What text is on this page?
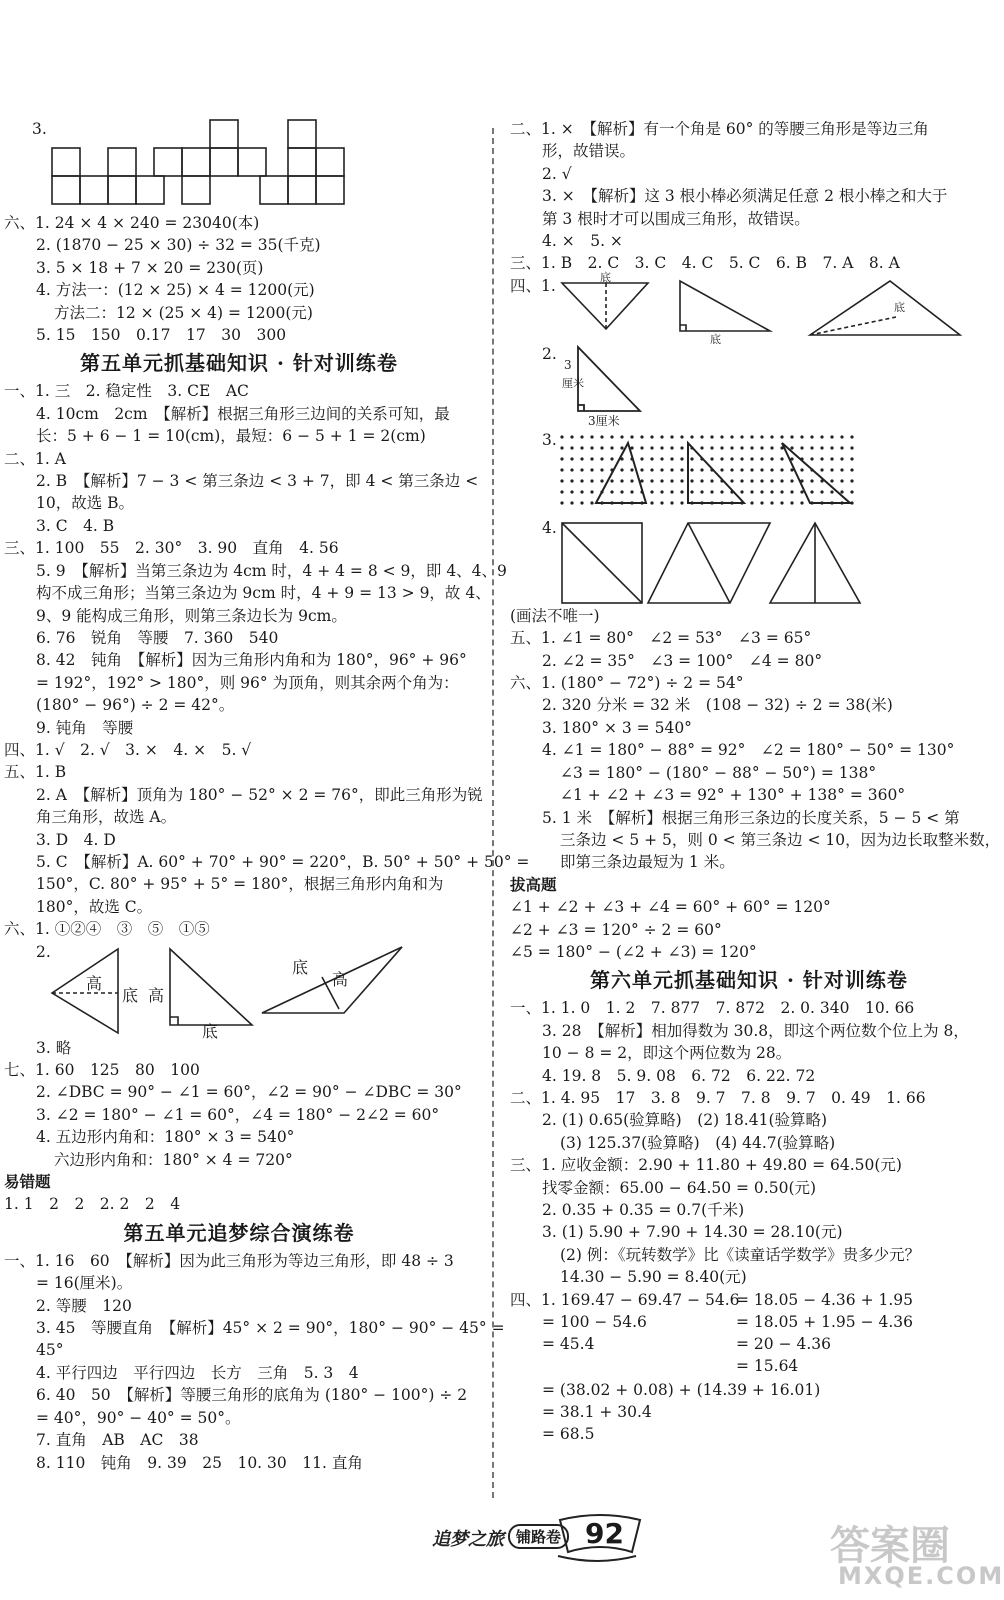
3.
六、1. 24 × 4 × 240 = 23040(本)
2. (1870 − 25 × 30) ÷ 32 = 35(千克)
3. 5 × 18 + 7 × 20 = 230(页)
4. 方法一：(12 × 25) × 4 = 1200(元)
方法二：12 × (25 × 4) = 1200(元)
5. 15　150　0.17　17　30　300
第五单元抓基础知识 · 针对训练卷
一、1. 三　2. 稳定性　3. CE　AC
4. 10cm　2cm　【解析】根据三角形三边间的关系可知，最
长：5 + 6 − 1 = 10(cm)，最短：6 − 5 + 1 = 2(cm)
二、1. A
2. B　【解析】7 − 3 < 第三条边 < 3 + 7，即 4 < 第三条边 <
10，故选 B。
3. C　4. B
三、1. 100　55　2. 30°　3. 90　直角　4. 56
5. 9　【解析】当第三条边为 4cm 时，4 + 4 = 8 < 9，即 4、4、9
构不成三角形；当第三条边为 9cm 时，4 + 9 = 13 > 9，故 4、
9、9 能构成三角形，则第三条边长为 9cm。
6. 76　锐角　等腰　7. 360　540
8. 42　钝角　【解析】因为三角形内角和为 180°，96° + 96°
= 192°，192° > 180°，则 96° 为顶角，则其余两个角为：
(180° − 96°) ÷ 2 = 42°。
9. 钝角　等腰
四、1. √　2. √　3. ×　4. ×　5. √
五、1. B
2. A　【解析】顶角为 180° − 52° × 2 = 76°，即此三角形为锐
角三角形，故选 A。
3. D　4. D
5. C　【解析】A. 60° + 70° + 90° = 220°，B. 50° + 50° + 50° =
150°，C. 80° + 95° + 5° = 180°，根据三角形内角和为
180°，故选 C。
六、1. ①②④　③　⑤　①⑤
2.
高
底 高
底
底
高
3. 略
七、1. 60　125　80　100
2. ∠DBC = 90° − ∠1 = 60°，∠2 = 90° − ∠DBC = 30°
3. ∠2 = 180° − ∠1 = 60°，∠4 = 180° − 2∠2 = 60°
4. 五边形内角和：180° × 3 = 540°
六边形内角和：180° × 4 = 720°
易错题
1. 1　2　2　2. 2　2　4
第五单元追梦综合演练卷
一、1. 16　60　【解析】因为此三角形为等边三角形，即 48 ÷ 3
= 16(厘米)。
2. 等腰　120
3. 45　等腰直角　【解析】45° × 2 = 90°，180° − 90° − 45° =
45°
4. 平行四边　平行四边　长方　三角　5. 3　4
6. 40　50　【解析】等腰三角形的底角为 (180° − 100°) ÷ 2
= 40°，90° − 40° = 50°。
7. 直角　AB　AC　38
8. 110　钝角　9. 39　25　10. 30　11. 直角
二、1. ×　【解析】有一个角是 60° 的等腰三角形是等边三角
形，故错误。
2. √
3. ×　【解析】这 3 根小棒必须满足任意 2 根小棒之和大于
第 3 根时才可以围成三角形，故错误。
4. ×　5. ×
三、1. B　2. C　3. C　4. C　5. C　6. B　7. A　8. A
四、1.	底
底
底
2.
3
厘米
3厘米
3.
4.
(画法不唯一)
五、1. ∠1 = 80°　∠2 = 53°　∠3 = 65°
2. ∠2 = 35°　∠3 = 100°　∠4 = 80°
六、1. (180° − 72°) ÷ 2 = 54°
2. 320 分米 = 32 米　(108 − 32) ÷ 2 = 38(米)
3. 180° × 3 = 540°
4. ∠1 = 180° − 88° = 92°　∠2 = 180° − 50° = 130°
∠3 = 180° − (180° − 88° − 50°) = 138°
∠1 + ∠2 + ∠3 = 92° + 130° + 138° = 360°
5. 1 米　【解析】根据三角形三条边的长度关系，5 − 5 < 第
三条边 < 5 + 5，则 0 < 第三条边 < 10，因为边长取整米数，
即第三条边最短为 1 米。
拔高题
∠1 + ∠2 + ∠3 + ∠4 = 60° + 60° = 120°
∠2 + ∠3 = 120° ÷ 2 = 60°
∠5 = 180° − (∠2 + ∠3) = 120°
第六单元抓基础知识 · 针对训练卷
一、1. 1. 0　1. 2　7. 877　7. 872　2. 0. 340　10. 66
3. 28　【解析】相加得数为 30.8，即这个两位数个位上为 8，
10 − 8 = 2，即这个两位数为 28。
4. 19. 8　5. 9. 08　6. 72　6. 22. 72
二、1. 4. 95　17　3. 8　9. 7　7. 8　9. 7　0. 49　1. 66
2. (1) 0.65(验算略)　(2) 18.41(验算略)
(3) 125.37(验算略)　(4) 44.7(验算略)
三、1. 应收金额：2.90 + 11.80 + 49.80 = 64.50(元)
找零金额：65.00 − 64.50 = 0.50(元)
2. 0.35 + 0.35 = 0.7(千米)
3. (1) 5.90 + 7.90 + 14.30 = 28.10(元)
(2) 例：《玩转数学》比《读童话学数学》贵多少元？
14.30 − 5.90 = 8.40(元)
四、1. 169.47 − 69.47 − 54.6
= 100 − 54.6
= 45.4
= 18.05 − 4.36 + 1.95
= 18.05 + 1.95 − 4.36
= 20 − 4.36
= 15.64
= (38.02 + 0.08) + (14.39 + 16.01)
= 38.1 + 30.4
= 68.5
追梦之旅 铺路卷 92	答案圈
MXQE.COM
